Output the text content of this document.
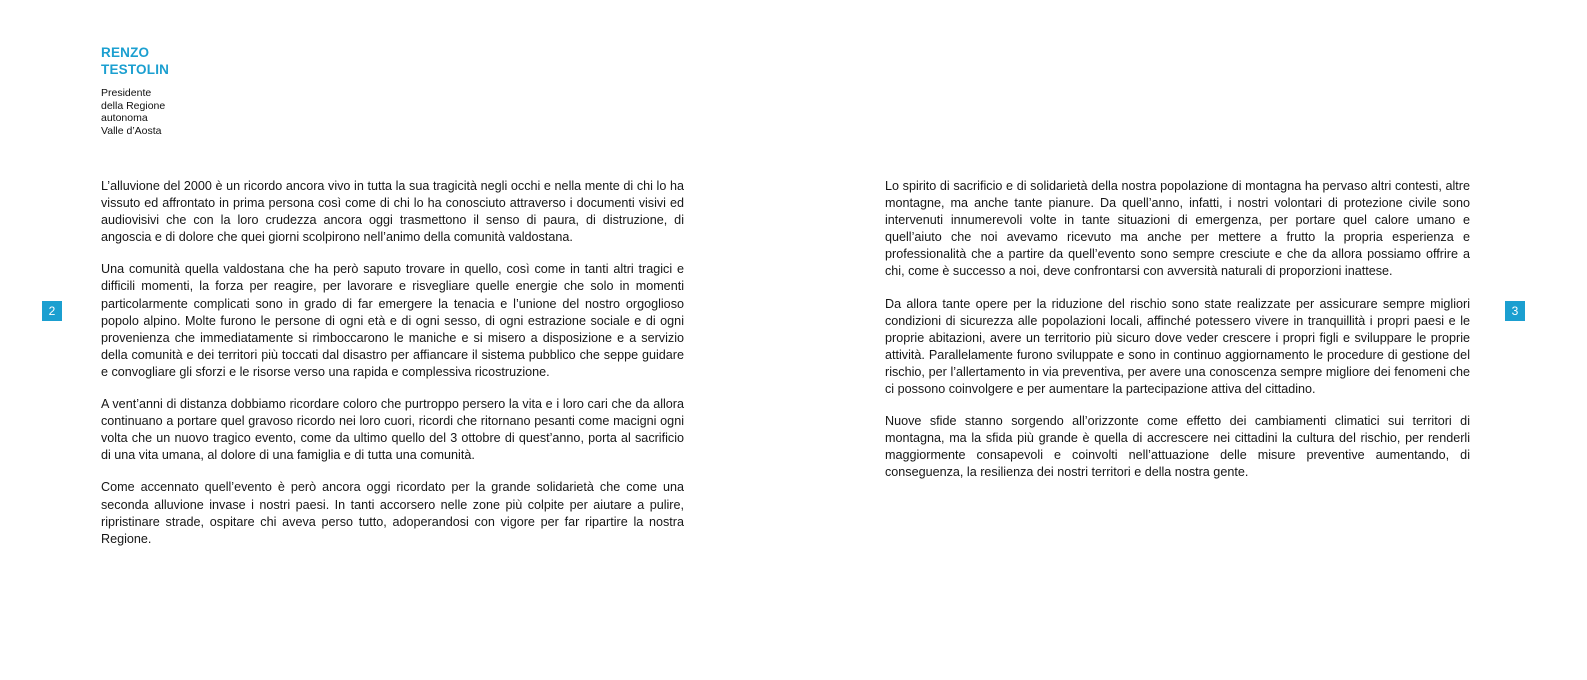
2	3
RENZO
TESTOLIN
Presidente
della Regione
autonoma
Valle d’Aosta

L’alluvione del 2000 è un ricordo ancora vivo in tutta la sua tragicità negli occhi e nella mente di chi lo ha vissuto ed affrontato in prima persona così come di chi lo ha conosciuto attraverso i documenti visivi ed audiovisivi che con la loro crudezza ancora oggi trasmettono il senso di paura, di distruzione, di angoscia e di dolore che quei giorni scolpirono nell’animo della comunità valdostana.

Una comunità quella valdostana che ha però saputo trovare in quello, così come in tanti altri tragici e difficili momenti, la forza per reagire, per lavorare e risvegliare quelle energie che solo in momenti particolarmente complicati sono in grado di far emergere la tenacia e l’unione del nostro orgoglioso popolo alpino. Molte furono le persone di ogni età e di ogni sesso, di ogni estrazione sociale e di ogni provenienza che immediatamente si rimboccarono le maniche e si misero a disposizione e a servizio della comunità e dei territori più toccati dal disastro per affiancare il sistema pubblico che seppe guidare e convogliare gli sforzi e le risorse verso una rapida e complessiva ricostruzione.

A vent’anni di distanza dobbiamo ricordare coloro che purtroppo persero la vita e i loro cari che da allora continuano a portare quel gravoso ricordo nei loro cuori, ricordi che ritornano pesanti come macigni ogni volta che un nuovo tragico evento, come da ultimo quello del 3 ottobre di quest’anno, porta al sacrificio di una vita umana, al dolore di una famiglia e di tutta una comunità.

Come accennato quell’evento è però ancora oggi ricordato per la grande solidarietà che come una seconda alluvione invase i nostri paesi. In tanti accorsero nelle zone più colpite per aiutare a pulire, ripristinare strade, ospitare chi aveva perso tutto, adoperandosi con vigore per far ripartire la nostra Regione.

Lo spirito di sacrificio e di solidarietà della nostra popolazione di montagna ha pervaso altri contesti, altre montagne, ma anche tante pianure. Da quell’anno, infatti, i nostri volontari di protezione civile sono intervenuti innumerevoli volte in tante situazioni di emergenza, per portare quel calore umano e quell’aiuto che noi avevamo ricevuto ma anche per mettere a frutto la propria esperienza e professionalità che a partire da quell’evento sono sempre cresciute e che da allora possiamo offrire a chi, come è successo a noi, deve confrontarsi con avversità naturali di proporzioni inattese.

Da allora tante opere per la riduzione del rischio sono state realizzate per assicurare sempre migliori condizioni di sicurezza alle popolazioni locali, affinché potessero vivere in tranquillità i propri paesi e le proprie abitazioni, avere un territorio più sicuro dove veder crescere i propri figli e sviluppare le proprie attività. Parallelamente furono sviluppate e sono in continuo aggiornamento le procedure di gestione del rischio, per l’allertamento in via preventiva, per avere una conoscenza sempre migliore dei fenomeni che ci possono coinvolgere e per aumentare la partecipazione attiva del cittadino.

Nuove sfide stanno sorgendo all’orizzonte come effetto dei cambiamenti climatici sui territori di montagna, ma la sfida più grande è quella di accrescere nei cittadini la cultura del rischio, per renderli maggiormente consapevoli e coinvolti nell’attuazione delle misure preventive aumentando, di conseguenza, la resilienza dei nostri territori e della nostra gente.
